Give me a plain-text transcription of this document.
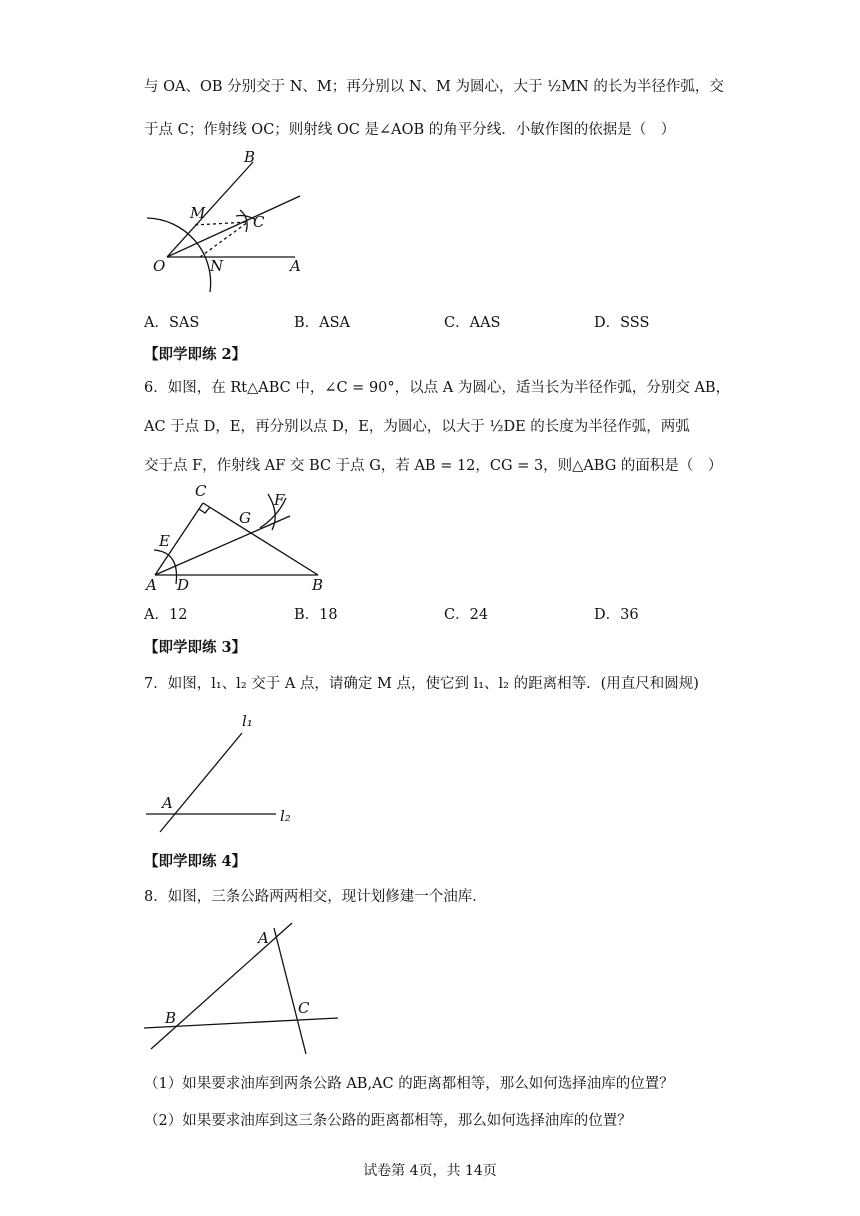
与 OA、OB 分别交于 N、M；再分别以 N、M 为圆心，大于 ½MN 的长为半径作弧，交
于点 C；作射线 OC；则射线 OC 是∠AOB 的角平分线．小敏作图的依据是（　）
B
M	C
O	N	A
A．SAS	B．ASA	C．AAS	D．SSS
【即学即练 2】
6．如图，在 Rt△ABC 中，∠C = 90°，以点 A 为圆心，适当长为半径作弧，分别交 AB，
AC 于点 D，E，再分别以点 D，E，为圆心，以大于 ½DE 的长度为半径作弧，两弧
交于点 F，作射线 AF 交 BC 于点 G，若 AB = 12，CG = 3，则△ABG 的面积是（　）
C	F
G
E
A D	B
A．12	B．18	C．24	D．36
【即学即练 3】
7．如图，l₁、l₂ 交于 A 点，请确定 M 点，使它到 l₁、l₂ 的距离相等．(用直尺和圆规)
l₁
A
l₂
【即学即练 4】
8．如图，三条公路两两相交，现计划修建一个油库．
A
B
C
（1）如果要求油库到两条公路 AB,AC 的距离都相等，那么如何选择油库的位置？
（2）如果要求油库到这三条公路的距离都相等，那么如何选择油库的位置？
试卷第 4页，共 14页
